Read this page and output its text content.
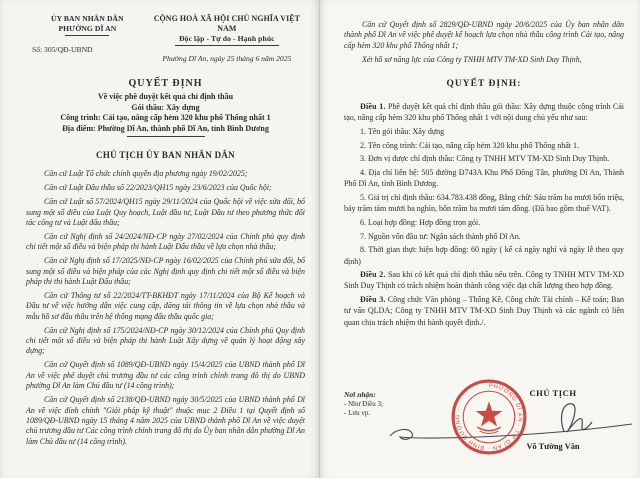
ỦY BAN NHÂN DÂN
PHƯỜNG DĨ AN
Số: 305/QĐ-UBND
CỘNG HOÀ XÃ HỘI CHỦ NGHĨA VIỆT NAM
Độc lập - Tự do - Hạnh phúc
Phường Dĩ An, ngày 25 tháng 6 năm 2025
QUYẾT ĐỊNH
Về việc phê duyệt kết quả chỉ định thầu
Gói thầu: Xây dựng
Công trình: Cải tạo, nâng cấp hẻm 320 khu phố Thống nhất 1
Địa điểm: Phường Dĩ An, thành phố Dĩ An, tỉnh Bình Dương
CHỦ TỊCH ỦY BAN NHÂN DÂN

Căn cứ Luật Tổ chức chính quyền địa phương ngày 19/02/2025;

Căn cứ Luật Đấu thầu số 22/2023/QH15 ngày 23/6/2023 của Quốc hội;

Căn cứ Luật số 57/2024/QH15 ngày 29/11/2024 của Quốc hội về việc sửa đổi, bổ sung một số điều của Luật Quy hoạch, Luật đầu tư, Luật Đầu tư theo phương thức đối tác công tư và Luật đấu thầu;

Căn cứ Nghị định số 24/2024/NĐ-CP ngày 27/02/2024 của Chính phủ quy định chi tiết một số điều và biện pháp thi hành Luật Đấu thầu về lựa chọn nhà thầu;

Căn cứ Nghị định số 17/2025/NĐ-CP ngày 16/02/2025 của Chính phủ sửa đổi, bổ sung một số điều và biện pháp của các Nghị định quy định chi tiết một số điều và biện pháp thi thi hành Luật Đấu thầu;

Căn cứ Thông tư số 22/2024/TT-BKHĐT ngày 17/11/2024 của Bộ Kế hoạch và Đầu tư về việc hướng dẫn việc cung cấp, đăng tải thông tin về lựa chọn nhà thầu và mẫu hồ sơ đấu thầu trên hệ thống mạng đấu thầu quốc gia;

Căn cứ Nghị định số 175/2024/NĐ-CP ngày 30/12/2024 của Chính phủ Quy định chi tiết một số điều và biện pháp thi hành Luật Xây dựng về quản lý hoạt động xây dựng;

Căn cứ Quyết định số 1089/QĐ-UBND ngày 15/4/2025 của UBND thành phố Dĩ An về việc phê duyệt chủ trương đầu tư các công trình chỉnh trang đô thị do UBND phường Dĩ An làm Chủ đầu tư (14 công trình);

Căn cứ Quyết định số 2138/QĐ-UBND ngày 30/5/2025 của UBND thành phố Dĩ An về việc đính chính "Giải pháp kỹ thuật" thuộc mục 2 Điều 1 tại Quyết định số 1089/QĐ-UBND ngày 15 tháng 4 năm 2025 của UBND thành phố Dĩ An về việc duyệt chủ trương đầu tư Các công trình chỉnh trang đô thị do Ủy ban nhân dân phường Dĩ An làm Chủ đầu tư (14 công trình).

Căn cứ Quyết định số 2829/QĐ-UBND ngày 20/6/2025 của Ủy ban nhân dân thành phố Dĩ An về việc phê duyệt kế hoạch lựa chọn nhà thầu công trình Cải tạo, nâng cấp hẻm 320 khu phố Thống nhất 1;

Xét hồ sơ năng lực của Công ty TNHH MTV TM-XD Sình Duy Thịnh,

QUYẾT ĐỊNH:

Điều 1. Phê duyệt kết quả chỉ định thầu gói thầu: Xây dựng thuộc công trình Cải tạo, nâng cấp hẻm 320 khu phố Thống nhất 1 với nội dung chủ yếu như sau:

1. Tên gói thầu: Xây dựng

2. Tên công trình: Cải tạo, nâng cấp hẻm 320 khu phố Thống nhất 1.

3. Đơn vị được chỉ định thầu: Công ty TNHH MTV TM-XD Sình Duy Thịnh.

4. Địa chỉ liên hệ: 505 đường Đ743A Khu Phố Đông Tân, phường Dĩ An, Thành Phố Dĩ An, tỉnh Bình Dương.

5. Giá trị chỉ định thầu: 634.783.438 đồng, Bằng chữ: Sáu trăm ba mươi bốn triệu, bảy trăm tám mươi ba nghìn, bốn trăm ba mươi tám đồng. (Đã bao gồm thuế VAT).

6. Loại hợp đồng: Hợp đồng trọn gói.

7. Nguồn vốn đầu tư: Ngân sách thành phố Dĩ An.

8. Thời gian thực hiện hợp đồng: 60 ngày ( kể cả ngày nghỉ và ngày lễ theo quy định)

Điều 2. Sau khi có kết quả chỉ định thầu nêu trên. Công ty TNHH MTV TM-XD Sinh Duy Thịnh có trách nhiệm hoàn thành công việc đạt chất lượng theo hợp đồng.

Điều 3. Công chức Văn phòng – Thống Kê, Công chức Tài chính – Kế toán; Ban tư vấn QLDA; Công ty TNHH MTV TM-XD Sinh Duy Thịnh và các ngành có liên quan chịu trách nhiệm thi hành quyết định./.

Nơi nhận:
- Như Điều 3;
- Lưu vp.
PHƯỜNG DĨ AN · T.P DĨ AN · BÌNH DƯƠNG ·
CHỦ TỊCH
Võ Tường Vân
